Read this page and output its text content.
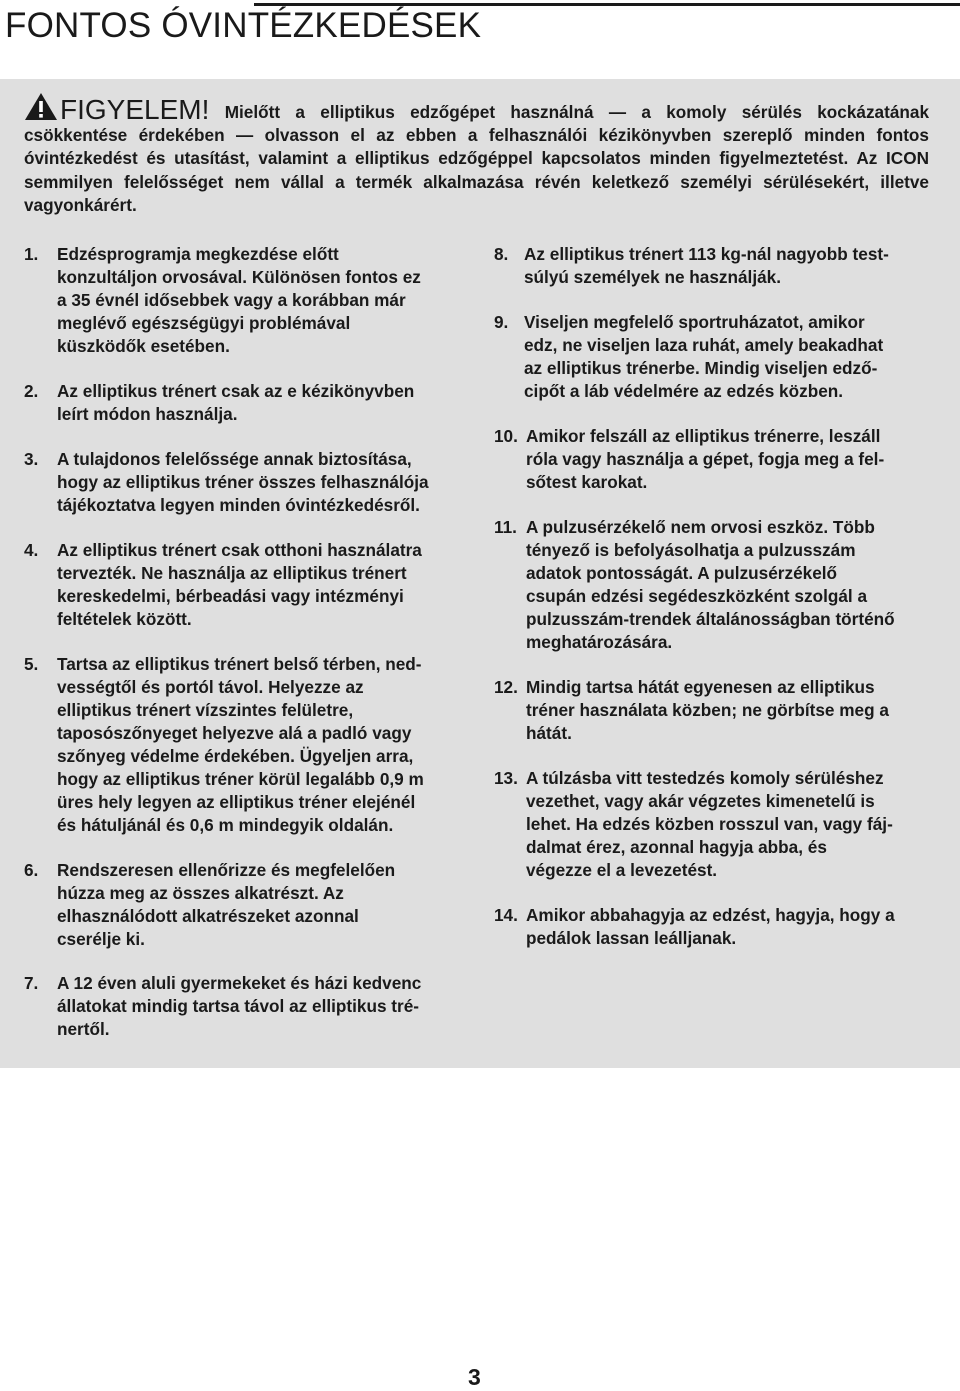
FONTOS ÓVINTÉZKEDÉSEK
FIGYELEM! Mielőtt a elliptikus edzőgépet használná — a komoly sérülés kockázatának csökkentése érdekében — olvasson el az ebben a felhasználói kézikönyvben szereplő minden fontos óvintézkedést és utasítást, valamint a elliptikus edzőgéppel kapcsolatos minden figyelmeztetést. Az ICON semmilyen felelősséget nem vállal a termék alkalmazása révén keletkező személyi sérülésekért, illetve vagyonkárért.
1.	Edzésprogramja megkezdése előtt
konzultáljon orvosával. Különösen fontos ez
a 35 évnél idősebbek vagy a korábban már
meglévő egészségügyi problémával
küszködők esetében.
2.	Az elliptikus trénert csak az e kézikönyvben
leírt módon használja.
3.	A tulajdonos felelőssége annak biztosítása,
hogy az elliptikus tréner összes felhasználója
tájékoztatva legyen minden óvintézkedésről.
4.	Az elliptikus trénert csak otthoni használatra
tervezték. Ne használja az elliptikus trénert
kereskedelmi, bérbeadási vagy intézményi
feltételek között.
5.	Tartsa az elliptikus trénert belső térben, ned-
vességtől és portól távol. Helyezze az
elliptikus trénert vízszintes felületre,
taposószőnyeget helyezve alá a padló vagy
szőnyeg védelme érdekében. Ügyeljen arra,
hogy az elliptikus tréner körül legalább 0,9 m
üres hely legyen az elliptikus tréner elejénél
és hátuljánál és 0,6 m mindegyik oldalán.
6.	Rendszeresen ellenőrizze és megfelelően
húzza meg az összes alkatrészt. Az
elhasználódott alkatrészeket azonnal
cserélje ki.
7.	A 12 éven aluli gyermekeket és házi kedvenc
állatokat mindig tartsa távol az elliptikus tré-
nertől.
8. Az elliptikus trénert 113 kg-nál nagyobb test-
súlyú személyek ne használják.
9. Viseljen megfelelő sportruházatot, amikor
edz, ne viseljen laza ruhát, amely beakadhat
az elliptikus trénerbe. Mindig viseljen edző-
cipőt a láb védelmére az edzés közben.
10. Amikor felszáll az elliptikus trénerre, leszáll
róla vagy használja a gépet, fogja meg a fel-
sőtest karokat.
11. A pulzusérzékelő nem orvosi eszköz. Több
tényező is befolyásolhatja a pulzusszám
adatok pontosságát. A pulzusérzékelő
csupán edzési segédeszközként szolgál a
pulzusszám-trendek általánosságban történő
meghatározására.
12. Mindig tartsa hátát egyenesen az elliptikus
tréner használata közben; ne görbítse meg a
hátát.
13. A túlzásba vitt testedzés komoly sérüléshez
vezethet, vagy akár végzetes kimenetelű is
lehet. Ha edzés közben rosszul van, vagy fáj-
dalmat érez, azonnal hagyja abba, és
végezze el a levezetést.
14. Amikor abbahagyja az edzést, hagyja, hogy a
pedálok lassan leálljanak.
3
